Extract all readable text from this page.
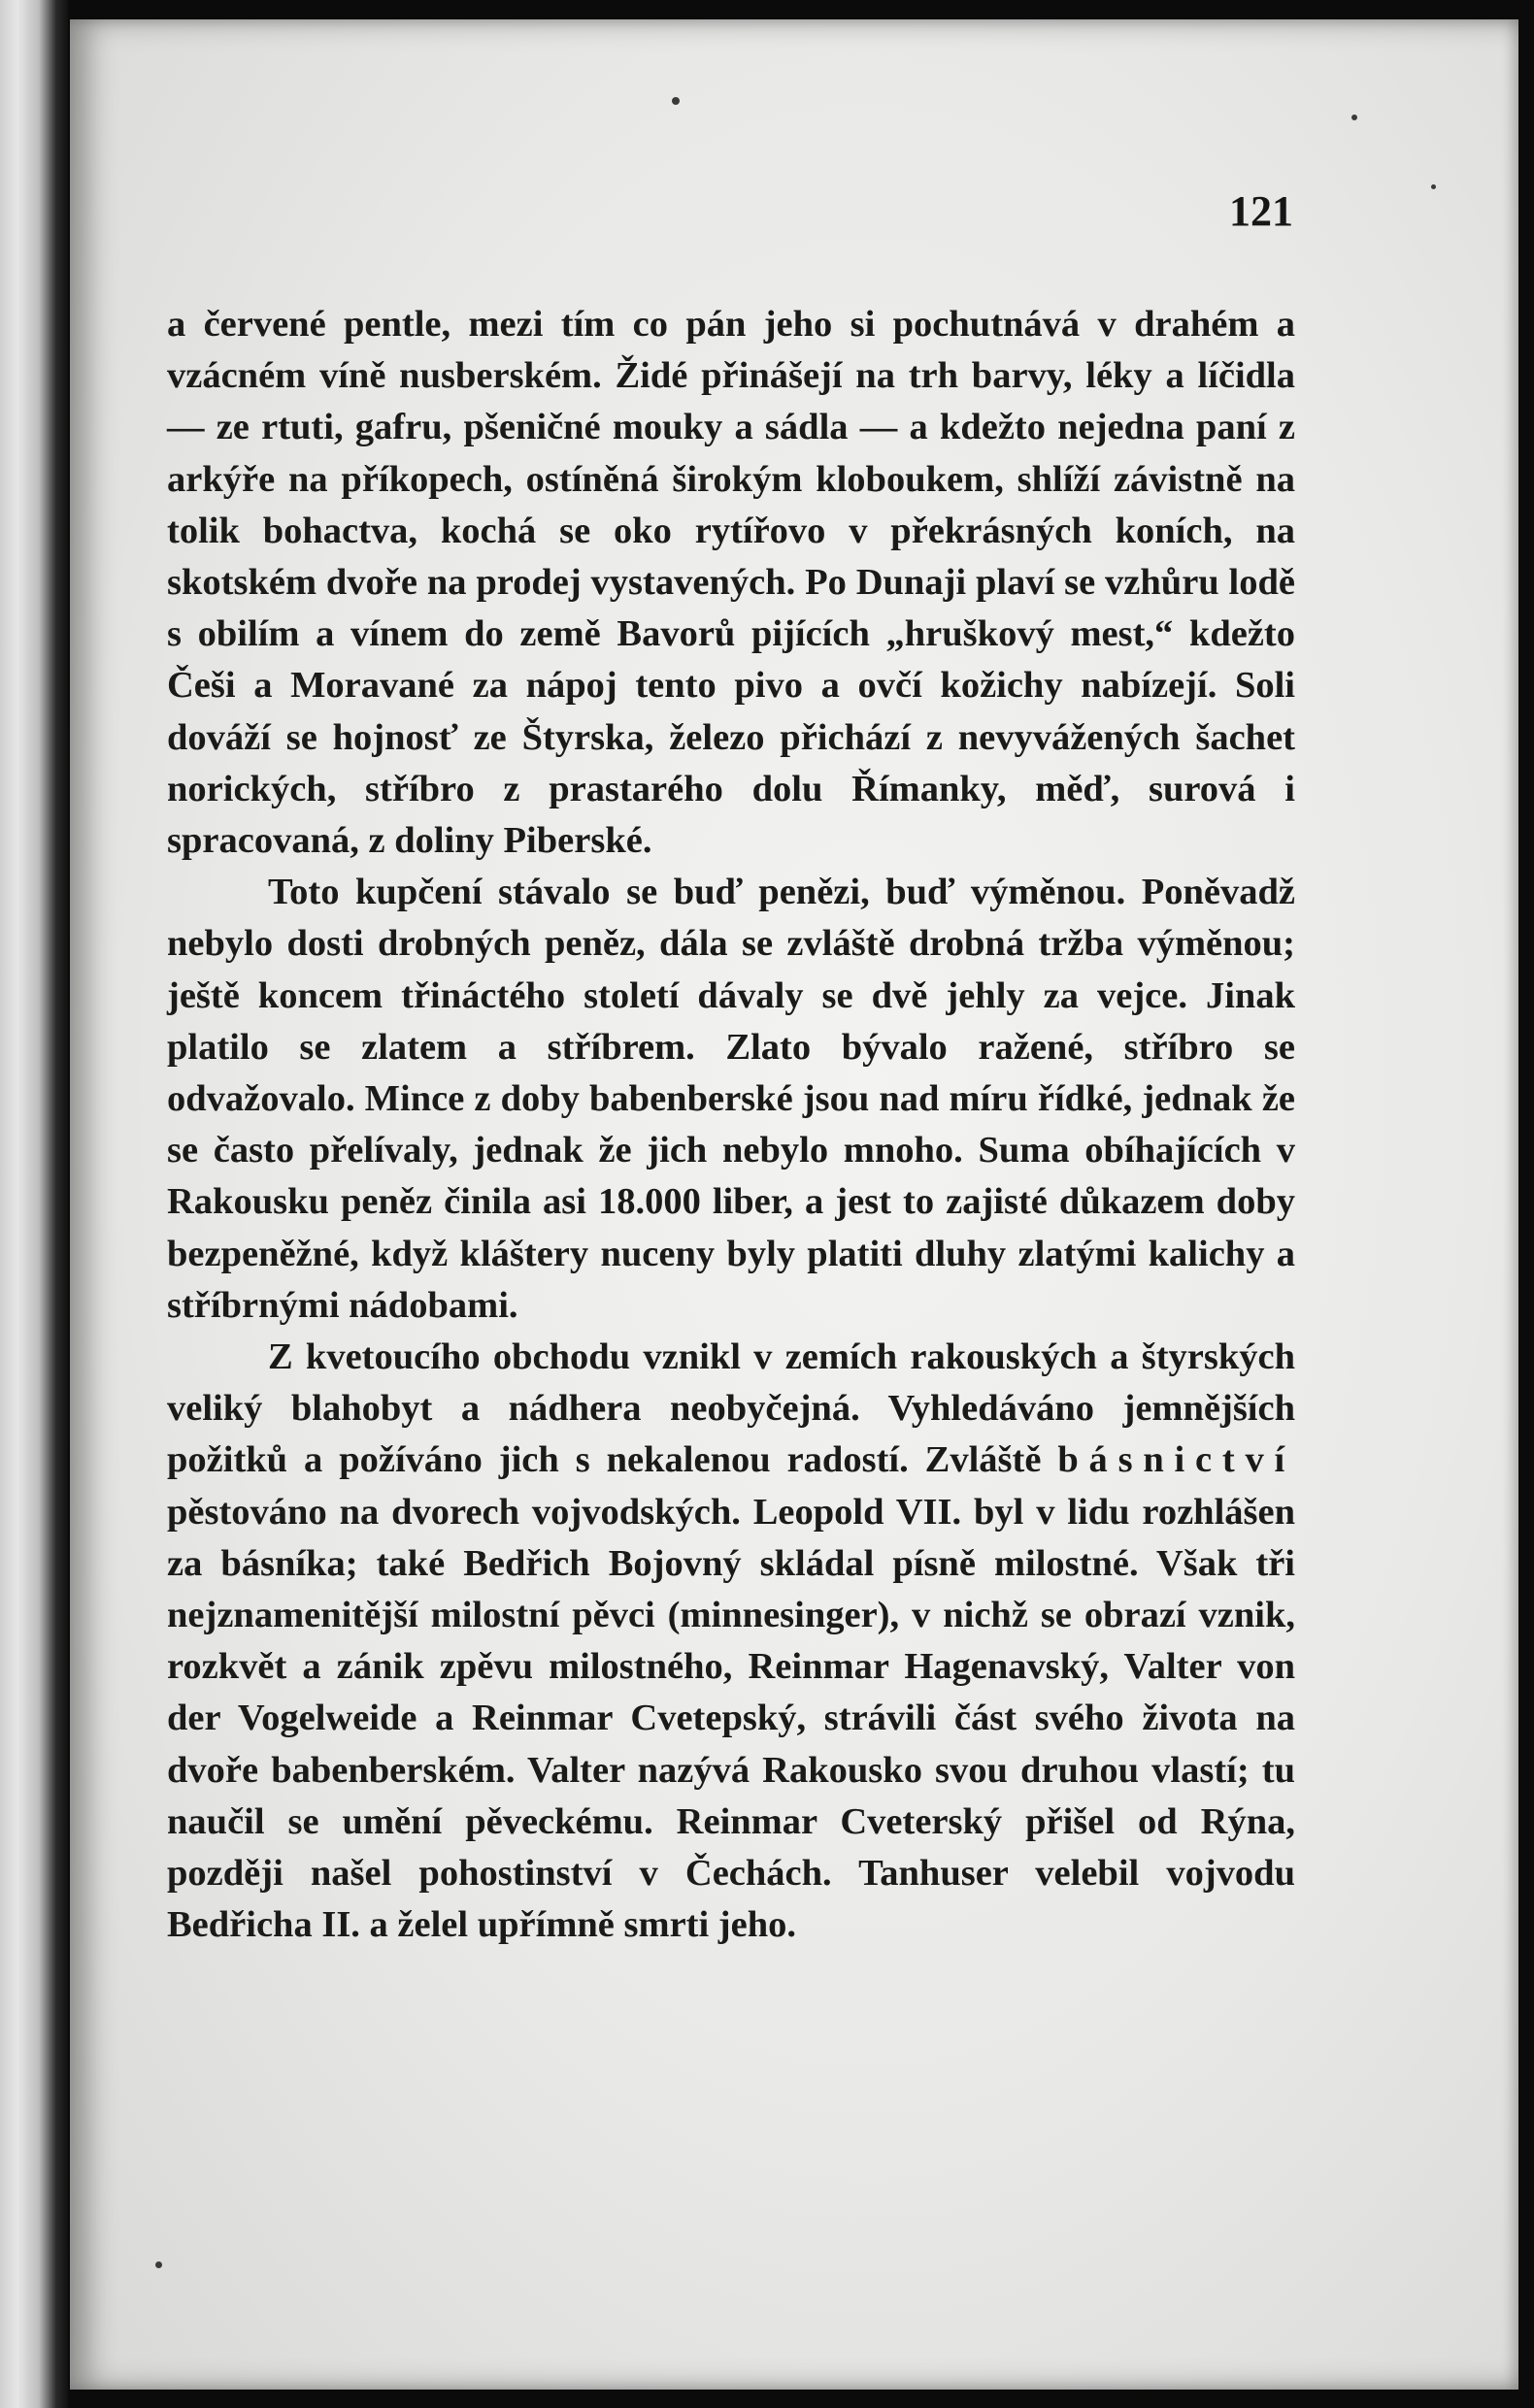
121

a červené pentle, mezi tím co pán jeho si pochutnává v drahém a vzácném víně nusberském. Židé přinášejí na trh barvy, léky a líčidla — ze rtuti, gafru, pšeničné mouky a sádla — a kdežto nejedna paní z arkýře na příkopech, ostíněná širokým kloboukem, shlíží závistně na tolik bohactva, kochá se oko rytířovo v překrásných koních, na skotském dvoře na prodej vystavených. Po Dunaji plaví se vzhůru lodě s obilím a vínem do země Bavorů pijících „hruškový mest,“ kdežto Češi a Moravané za nápoj tento pivo a ovčí kožichy nabízejí. Soli dováží se hojnosť ze Štyrska, železo přichází z nevyvážených šachet norických, stříbro z prastarého dolu Římanky, měď, surová i spracovaná, z doliny Piberské.

Toto kupčení stávalo se buď penězi, buď výměnou. Poněvadž nebylo dosti drobných peněz, dála se zvláště drobná tržba výměnou; ještě koncem třináctého století dávaly se dvě jehly za vejce. Jinak platilo se zlatem a stříbrem. Zlato bývalo ražené, stříbro se odvažovalo. Mince z doby babenberské jsou nad míru řídké, jednak že se často přelívaly, jednak že jich nebylo mnoho. Suma obíhajících v Rakousku peněz činila asi 18.000 liber, a jest to zajisté důkazem doby bezpeněžné, když kláštery nuceny byly platiti dluhy zlatými kalichy a stříbrnými nádobami.

Z kvetoucího obchodu vznikl v zemích rakouských a štyrských veliký blahobyt a nádhera neobyčejná. Vyhledáváno jemnějších požitků a požíváno jich s nekalenou radostí. Zvláště básnictví pěstováno na dvorech vojvodských. Leopold VII. byl v lidu rozhlášen za básníka; také Bedřich Bojovný skládal písně milostné. Však tři nejznamenitější milostní pěvci (minnesinger), v nichž se obrazí vznik, rozkvět a zánik zpěvu milostného, Reinmar Hagenavský, Valter von der Vogelweide a Reinmar Cvetерský, strávili část svého života na dvoře babenberském. Valter nazývá Rakousko svou druhou vlastí; tu naučil se umění pěveckému. Reinmar Cveterský přišel od Rýna, později našel pohostinství v Čechách. Tanhuser velebil vojvodu Bedřicha II. a želel upřímně smrti jeho.
